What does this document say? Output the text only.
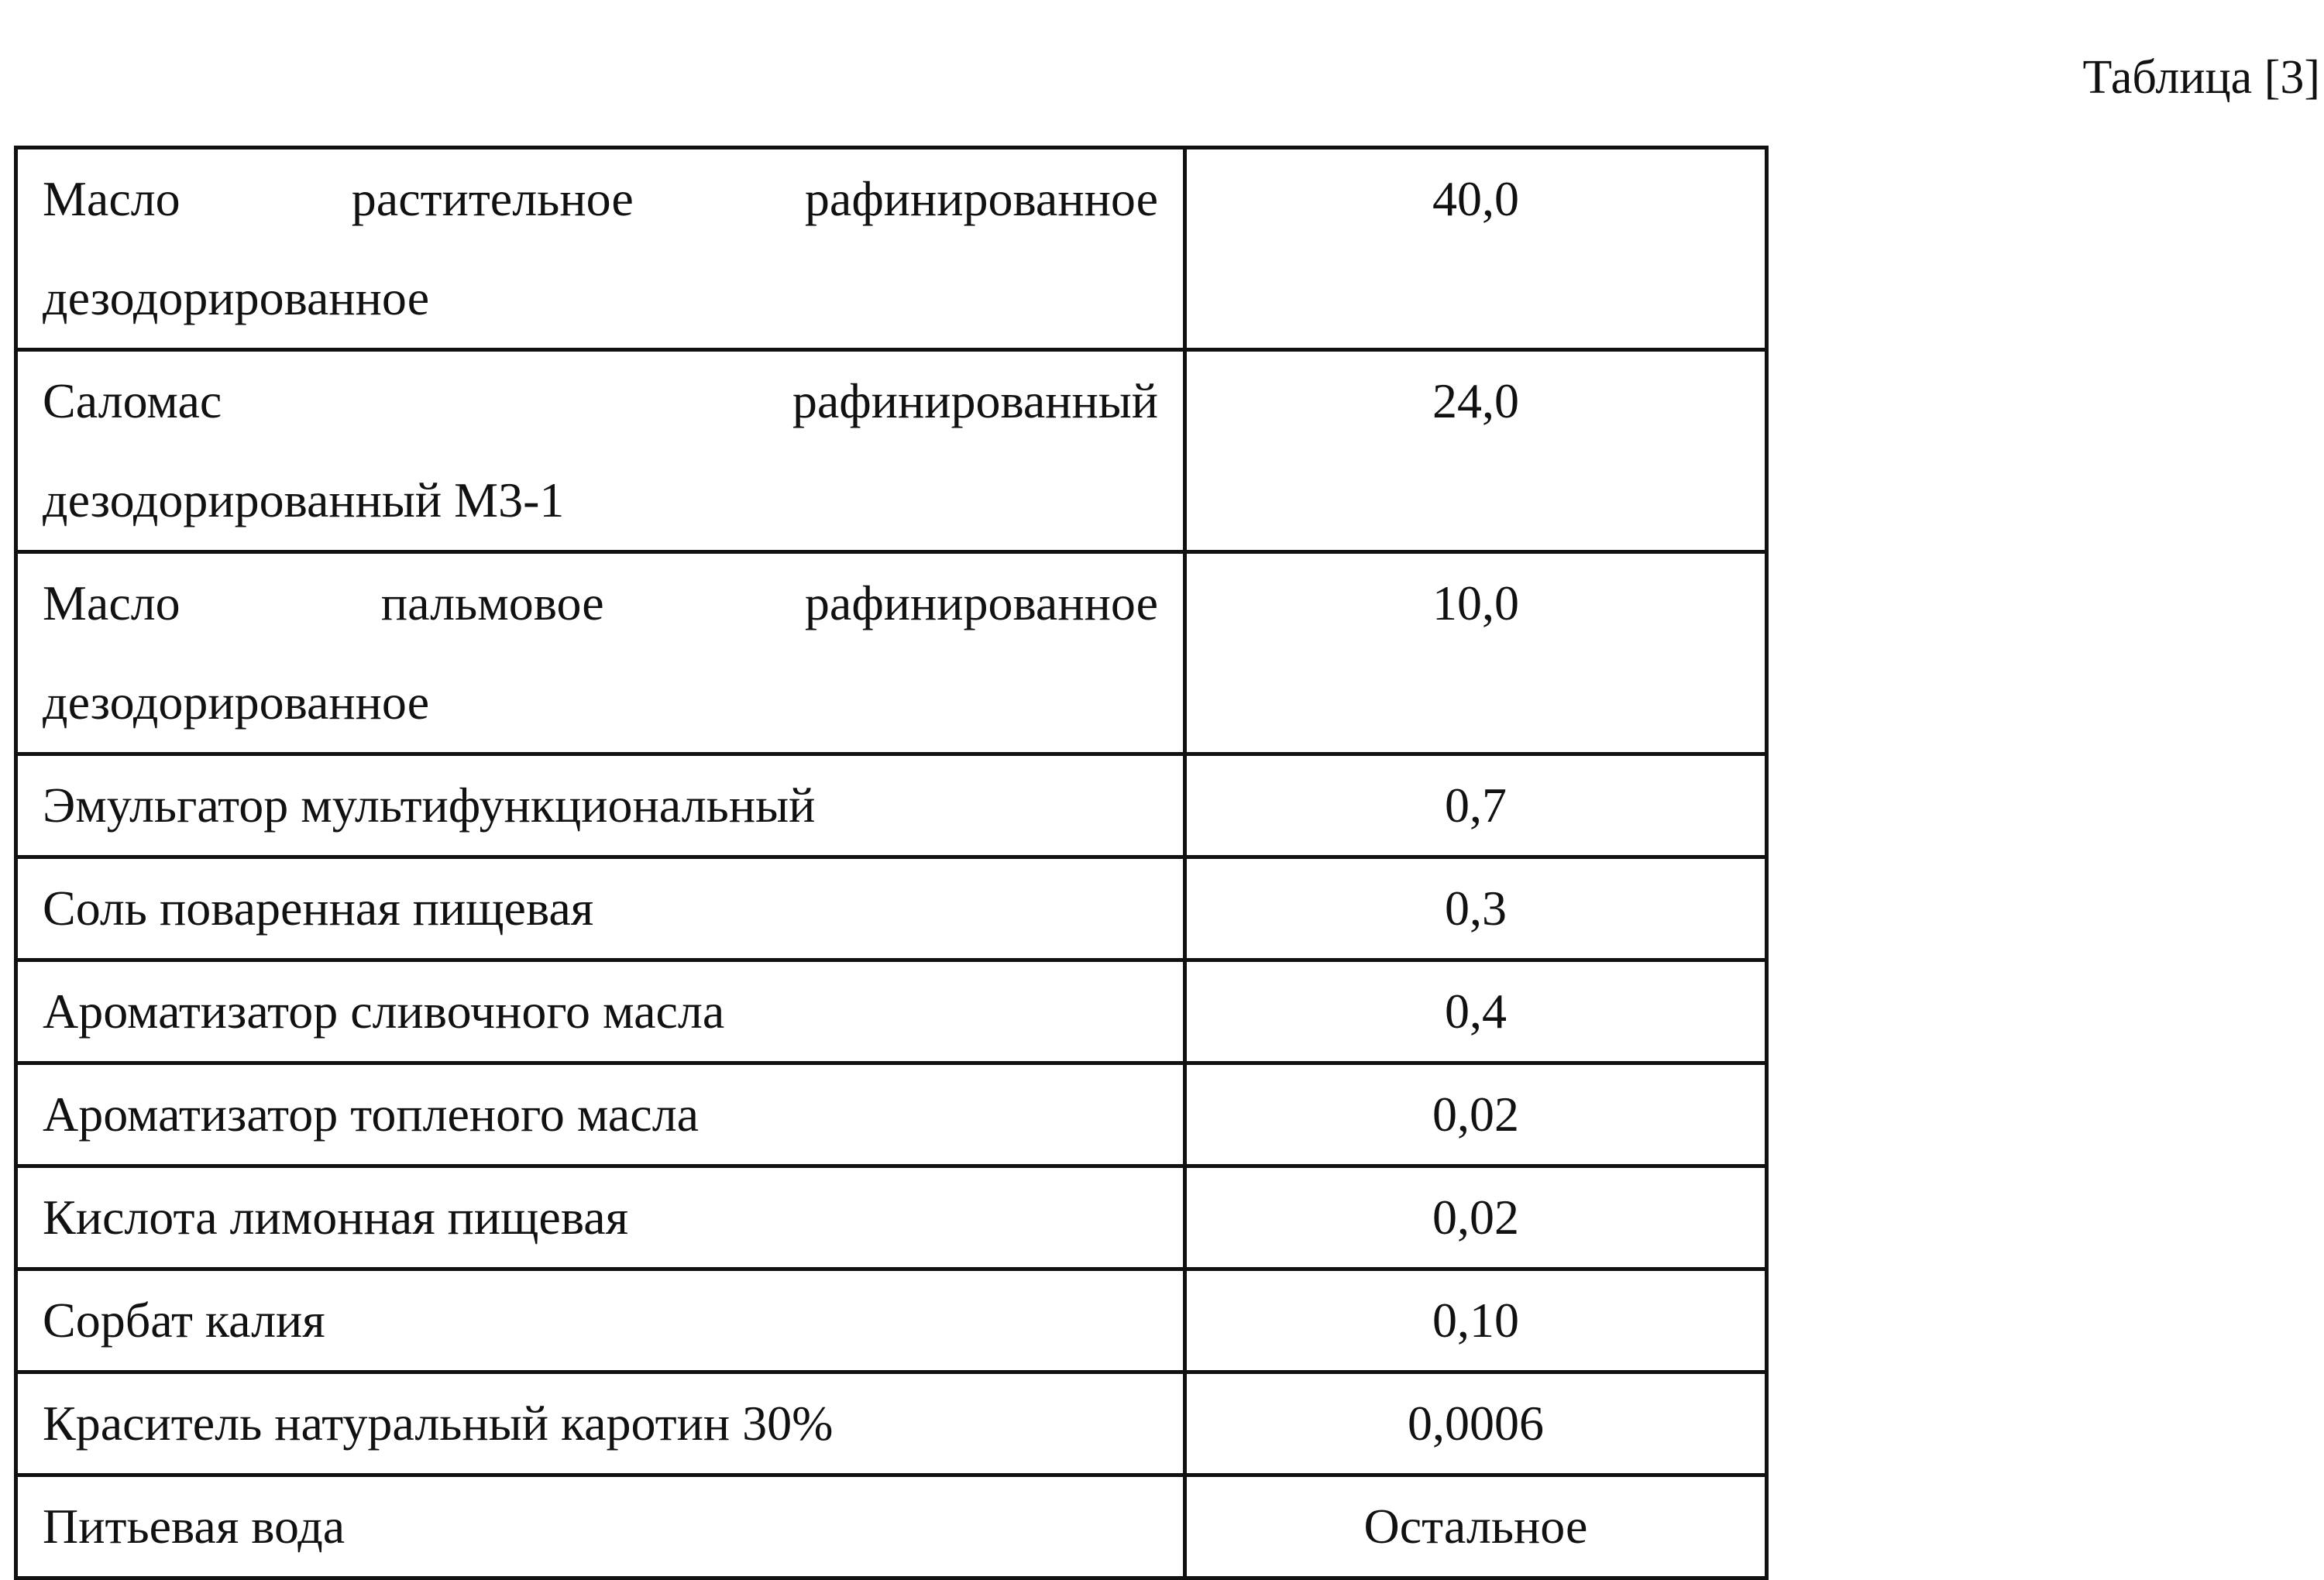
Таблица [3]
Масло растительное рафинированное
дезодорированное	40,0

Саломас рафинированный
дезодорированный М3-1	24,0

Масло пальмовое рафинированное
дезодорированное	10,0
Эмульгатор мультифункциональный	0,7
Соль поваренная пищевая	0,3
Ароматизатор сливочного масла	0,4
Ароматизатор топленого масла	0,02
Кислота лимонная пищевая	0,02
Сорбат калия	0,10
Краситель натуральный каротин 30%	0,0006
Питьевая вода	Остальное
